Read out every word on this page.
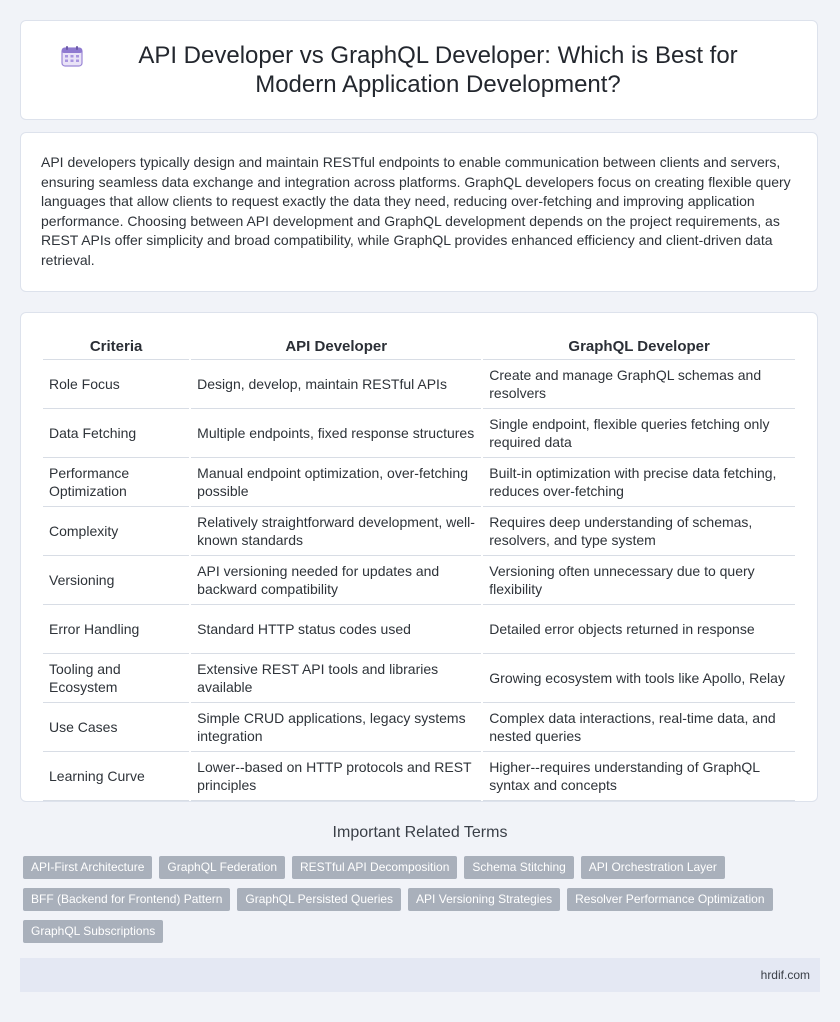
API Developer vs GraphQL Developer: Which is Best for Modern Application Development?

API developers typically design and maintain RESTful endpoints to enable communication between clients and servers, ensuring seamless data exchange and integration across platforms. GraphQL developers focus on creating flexible query languages that allow clients to request exactly the data they need, reducing over-fetching and improving application performance. Choosing between API development and GraphQL development depends on the project requirements, as REST APIs offer simplicity and broad compatibility, while GraphQL provides enhanced efficiency and client-driven data retrieval.

Criteria	API Developer	GraphQL Developer
Role Focus	Design, develop, maintain RESTful APIs	Create and manage GraphQL schemas and resolvers
Data Fetching	Multiple endpoints, fixed response structures	Single endpoint, flexible queries fetching only required data
Performance Optimization	Manual endpoint optimization, over-fetching possible	Built-in optimization with precise data fetching, reduces over-fetching
Complexity	Relatively straightforward development, well-known standards	Requires deep understanding of schemas, resolvers, and type system
Versioning	API versioning needed for updates and backward compatibility	Versioning often unnecessary due to query flexibility
Error Handling	Standard HTTP status codes used	Detailed error objects returned in response
Tooling and Ecosystem	Extensive REST API tools and libraries available	Growing ecosystem with tools like Apollo, Relay
Use Cases	Simple CRUD applications, legacy systems integration	Complex data interactions, real-time data, and nested queries
Learning Curve	Lower--based on HTTP protocols and REST principles	Higher--requires understanding of GraphQL syntax and concepts
Important Related Terms
API-First Architecture	GraphQL Federation	RESTful API Decomposition	Schema Stitching	API Orchestration Layer
BFF (Backend for Frontend) Pattern	GraphQL Persisted Queries	API Versioning Strategies	Resolver Performance Optimization
GraphQL Subscriptions
hrdif.com
